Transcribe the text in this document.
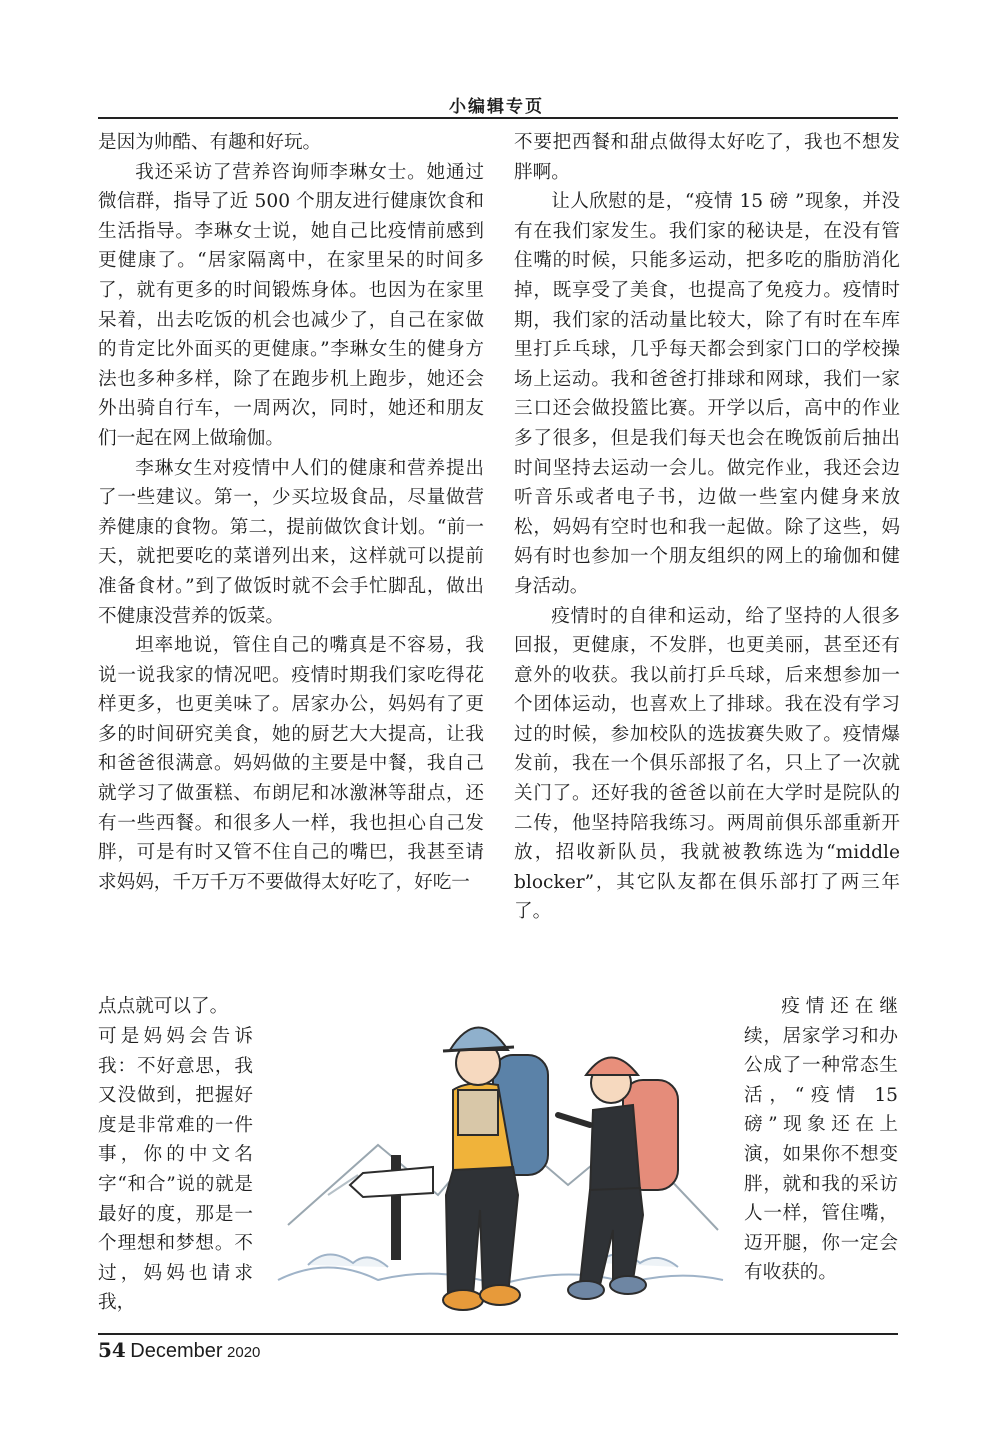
小编辑专页

是因为帅酷、有趣和好玩。

我还采访了营养咨询师李琳女士。她通过微信群，指导了近 500 个朋友进行健康饮食和生活指导。李琳女士说，她自己比疫情前感到更健康了。“居家隔离中，在家里呆的时间多了，就有更多的时间锻炼身体。也因为在家里呆着，出去吃饭的机会也减少了，自己在家做的肯定比外面买的更健康。”李琳女生的健身方法也多种多样，除了在跑步机上跑步，她还会外出骑自行车，一周两次，同时，她还和朋友们一起在网上做瑜伽。

李琳女生对疫情中人们的健康和营养提出了一些建议。第一，少买垃圾食品，尽量做营养健康的食物。第二，提前做饮食计划。“前一天，就把要吃的菜谱列出来，这样就可以提前准备食材。”到了做饭时就不会手忙脚乱，做出不健康没营养的饭菜。

坦率地说，管住自己的嘴真是不容易，我说一说我家的情况吧。疫情时期我们家吃得花样更多，也更美味了。居家办公，妈妈有了更多的时间研究美食，她的厨艺大大提高，让我和爸爸很满意。妈妈做的主要是中餐，我自己就学习了做蛋糕、布朗尼和冰激淋等甜点，还有一些西餐。和很多人一样，我也担心自己发胖，可是有时又管不住自己的嘴巴，我甚至请求妈妈，千万千万不要做得太好吃了，好吃一

点点就可以了。

不要把西餐和甜点做得太好吃了，我也不想发胖啊。

让人欣慰的是，“疫情 15 磅 ”现象，并没有在我们家发生。我们家的秘诀是，在没有管住嘴的时候，只能多运动，把多吃的脂肪消化掉，既享受了美食，也提高了免疫力。疫情时期，我们家的活动量比较大，除了有时在车库里打乒乓球，几乎每天都会到家门口的学校操场上运动。我和爸爸打排球和网球，我们一家三口还会做投篮比赛。开学以后，高中的作业多了很多，但是我们每天也会在晚饭前后抽出时间坚持去运动一会儿。做完作业，我还会边听音乐或者电子书，边做一些室内健身来放松，妈妈有空时也和我一起做。除了这些，妈妈有时也参加一个朋友组织的网上的瑜伽和健身活动。

疫情时的自律和运动，给了坚持的人很多回报，更健康，不发胖，也更美丽，甚至还有意外的收获。我以前打乒乓球，后来想参加一个团体运动，也喜欢上了排球。我在没有学习过的时候，参加校队的选拔赛失败了。疫情爆发前，我在一个俱乐部报了名，只上了一次就关门了。还好我的爸爸以前在大学时是院队的二传，他坚持陪我练习。两周前俱乐部重新开放，招收新队员，我就被教练选为“middle blocker”，其它队友都在俱乐部打了两三年了。

可是妈妈会告诉我：不好意思，我又没做到，把握好度是非常难的一件事，你的中文名字“和合”说的就是最好的度，那是一个理想和梦想。不过，妈妈也请求我，

疫情还在继续，居家学习和办公成了一种常态生活，“疫情 15 磅”现象还在上演，如果你不想变胖，就和我的采访人一样，管住嘴，迈开腿，你一定会有收获的。

54 December 2020
